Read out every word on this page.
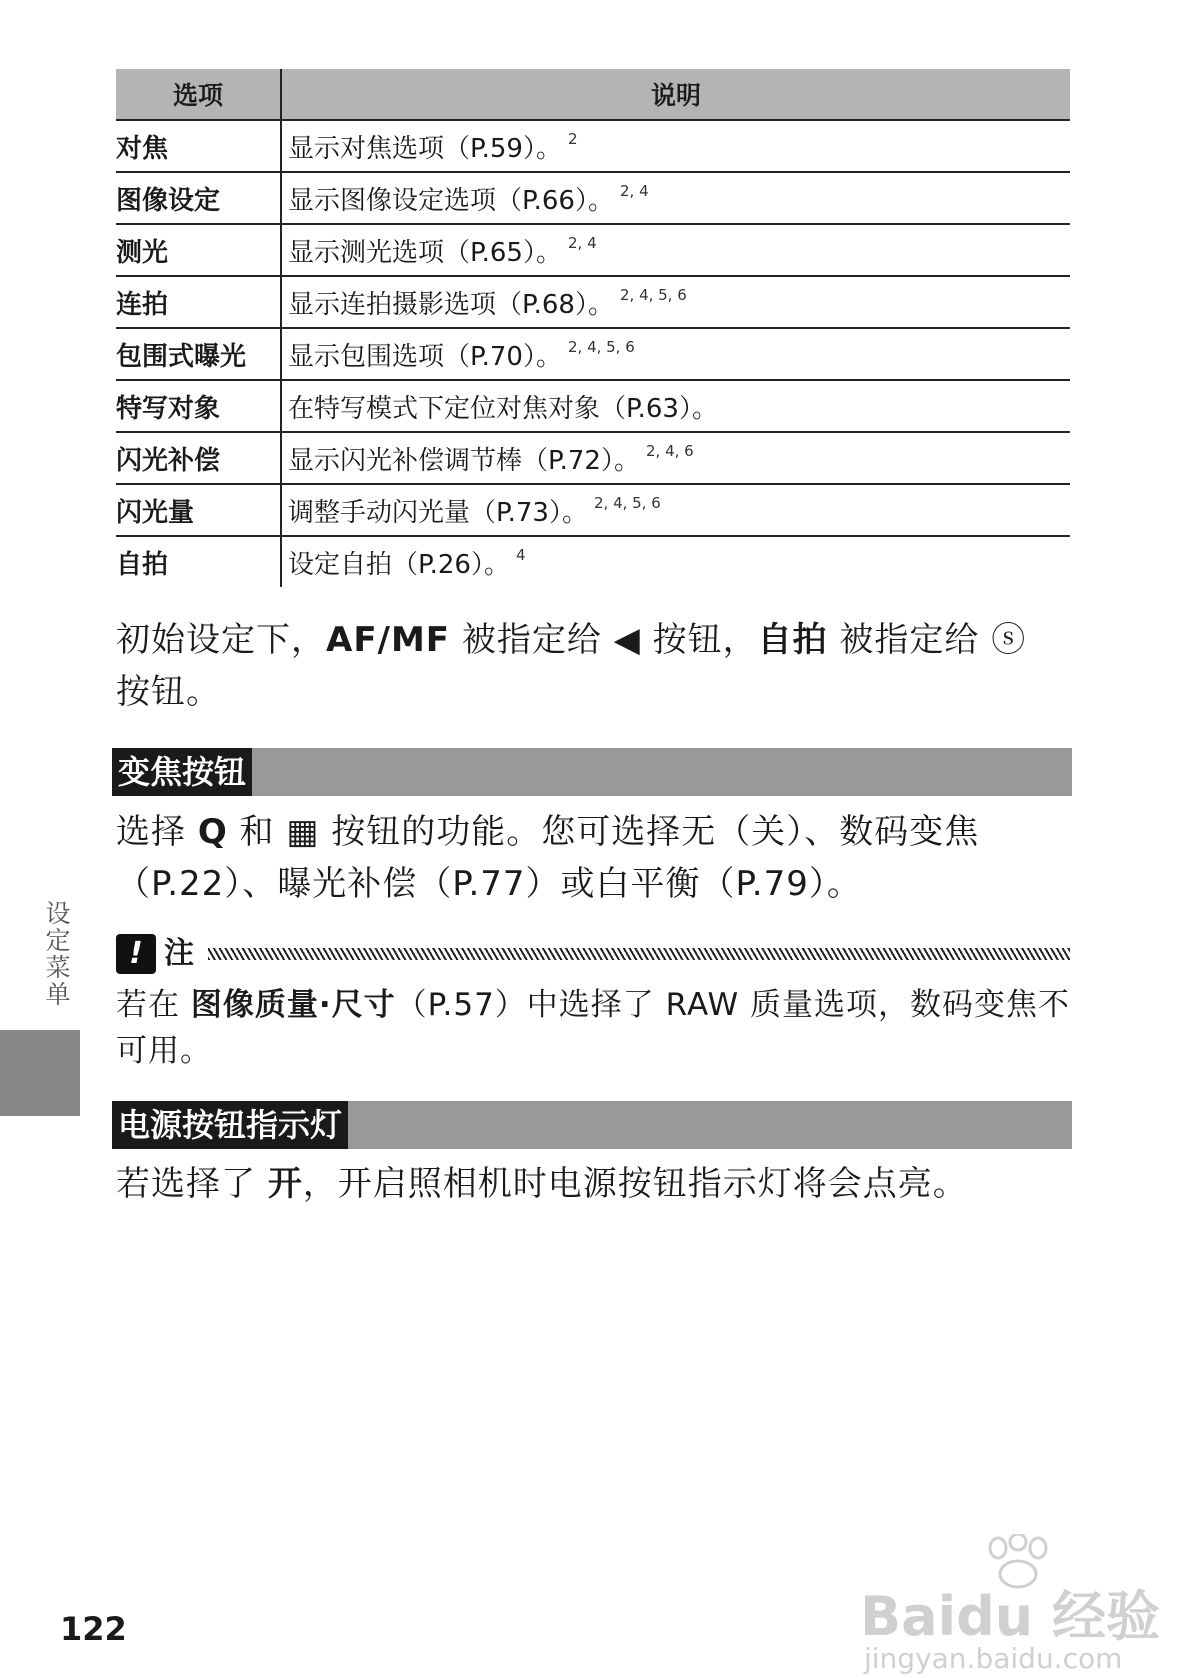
选项	说明
对焦	显示对焦选项（P.59）。 $^2$
图像设定	显示图像设定选项（P.66）。 $^{2, 4}$
测光	显示测光选项（P.65）。 $^{2, 4}$
连拍	显示连拍摄影选项（P.68）。 $^{2, 4, 5, 6}$
包围式曝光	显示包围选项（P.70）。 $^{2, 4, 5, 6}$
特写对象	在特写模式下定位对焦对象（P.63）。
闪光补偿	显示闪光补偿调节棒（P.72）。 $^{2, 4, 6}$
闪光量	调整手动闪光量（P.73）。 $^{2, 4, 5, 6}$
自拍	设定自拍（P.26）。 $^4$
初始设定下，AF/MF 被指定给 ◀ 按钮，自拍 被指定给 ⓢ 按钮。
变焦按钮
选择 Q 和 ▦ 按钮的功能。您可选择无（关）、数码变焦（P.22）、曝光补偿（P.77）或白平衡（P.79）。
! 注
若在 图像质量·尺寸（P.57）中选择了 RAW 质量选项，数码变焦不可用。
电源按钮指示灯
若选择了 开，开启照相机时电源按钮指示灯将会点亮。
设定菜单
122	Baidu 经验
jingyan.baidu.com
